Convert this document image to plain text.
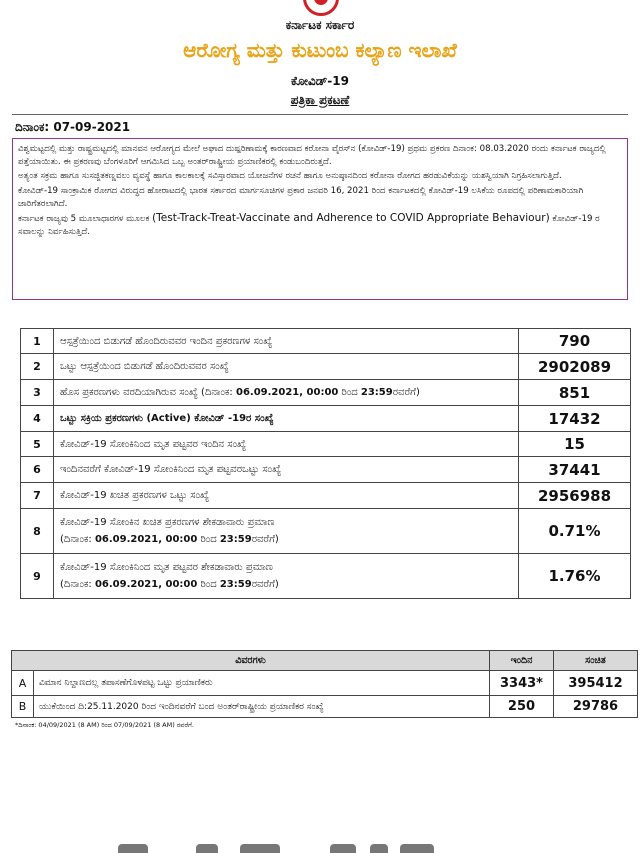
ಕರ್ನಾಟಕ ಸರ್ಕಾರ
ಆರೋಗ್ಯ ಮತ್ತು ಕುಟುಂಬ ಕಲ್ಯಾಣ ಇಲಾಖೆ
ಕೋವಿಡ್-19
ಪತ್ರಿಕಾ ಪ್ರಕಟಣೆ
ದಿನಾಂಕ: 07-09-2021

ವಿಶ್ವಮಟ್ಟದಲ್ಲಿ ಮತ್ತು ರಾಷ್ಟ್ರಮಟ್ಟದಲ್ಲಿ ಮಾನವನ ಆರೋಗ್ಯದ ಮೇಲೆ ಅಘಾದ ದುಷ್ಪರಿಣಾಮಕ್ಕೆ ಕಾರಣವಾದ ಕರೋನಾ ವೈರಸ್‌ನ (ಕೋವಿಡ್-19) ಪ್ರಥಮ ಪ್ರಕರಣ ದಿನಾಂಕ: 08.03.2020 ರಂದು ಕರ್ನಾಟಕ ರಾಜ್ಯದಲ್ಲಿ ಪತ್ತೆಯಾಯಿತು. ಈ ಪ್ರಕರಣವು ಬೆಂಗಳೂರಿಗೆ ಆಗಮಿಸಿದ ಒಬ್ಬ ಅಂತರ್‌ರಾಷ್ಟ್ರೀಯ ಪ್ರಯಾಣಿಕರಲ್ಲಿ ಕಂಡುಬಂದಿರುತ್ತದೆ.

ಅತ್ಯಂತ ಸಕ್ರಮ ಹಾಗೂ ಸುಸಜ್ಜಿತಕಣ್ಣವಲು ವ್ಯವಸ್ಥೆ ಹಾಗೂ ಕಾಲಕಾಲಕ್ಕೆ ಸವಿಸ್ತಾರವಾದ ಯೋಜನೆಗಳ ರಚನೆ ಹಾಗೂ ಅನುಷ್ಠಾನದಿಂದ ಕರೋನಾ ರೋಗದ ಹರಡುವಿಕೆಯನ್ನು ಯಶಸ್ವಿಯಾಗಿ ನಿಗ್ರಹಿಸಲಾಗುತ್ತಿದೆ.

ಕೋವಿಡ್-19 ಸಾಂಕ್ರಾಮಿಕ ರೋಗದ ವಿರುದ್ಧದ ಹೋರಾಟದಲ್ಲಿ ಭಾರತ ಸರ್ಕಾರದ ಮಾರ್ಗಸೂಚಿಗಳ ಪ್ರಕಾರ ಜನವರಿ 16, 2021 ರಿಂದ ಕರ್ನಾಟಕದಲ್ಲಿ ಕೋವಿಡ್-19 ಲಸಿಕೆಯ ರೂಪದಲ್ಲಿ ಪರಿಣಾಮಕಾರಿಯಾಗಿ ಜಾರಿಗೆತರಲಾಗಿದೆ.

ಕರ್ನಾಟಕ ರಾಜ್ಯವು 5 ಮೂಲಾಧಾರಗಳ ಮೂಲಕ (Test-Track-Treat-Vaccinate and Adherence to COVID Appropriate Behaviour) ಕೋವಿಡ್-19 ರ ಸವಾಲನ್ನು ನಿರ್ವಹಿಸುತ್ತಿದೆ.

1	ಆಸ್ಪತ್ರೆಯಿಂದ ಬಿಡುಗಡೆ ಹೊಂದಿರುವವರ ಇಂದಿನ ಪ್ರಕರಣಗಳ ಸಂಖ್ಯೆ	790
2	ಒಟ್ಟು ಆಸ್ಪತ್ರೆಯಿಂದ ಬಿಡುಗಡೆ ಹೊಂದಿರುವವರ ಸಂಖ್ಯೆ	2902089
3	ಹೊಸ ಪ್ರಕರಣಗಳು ವರದಿಯಾಗಿರುವ ಸಂಖ್ಯೆ (ದಿನಾಂಕ: 06.09.2021, 00:00 ರಿಂದ 23:59ರವರೆಗೆ)	851
4	ಒಟ್ಟು ಸಕ್ರಿಯ ಪ್ರಕರಣಗಳು (Active) ಕೋವಿಡ್ -19ರ ಸಂಖ್ಯೆ	17432
5	ಕೋವಿಡ್-19 ಸೋಂಕಿನಿಂದ ಮೃತ ಪಟ್ಟವರ ಇಂದಿನ ಸಂಖ್ಯೆ	15
6	ಇಂದಿನವರೆಗೆ ಕೋವಿಡ್-19 ಸೋಂಕಿನಿಂದ ಮೃತ ಪಟ್ಟವರಒಟ್ಟು ಸಂಖ್ಯೆ	37441
7	ಕೋವಿಡ್-19 ಖಚಿತ ಪ್ರಕರಣಗಳ ಒಟ್ಟು ಸಂಖ್ಯೆ	2956988
8	ಕೋವಿಡ್-19 ಸೋಂಕಿನ ಖಚಿತ ಪ್ರಕರಣಗಳ ಶೇಕಡಾವಾರು ಪ್ರಮಾಣ
(ದಿನಾಂಕ: 06.09.2021, 00:00 ರಿಂದ 23:59ರವರೆಗೆ)	0.71%
9	ಕೋವಿಡ್-19 ಸೋಂಕಿನಿಂದ ಮೃತ ಪಟ್ಟವರ ಶೇಕಡಾವಾರು ಪ್ರಮಾಣ
(ದಿನಾಂಕ: 06.09.2021, 00:00 ರಿಂದ 23:59ರವರೆಗೆ)	1.76%
ವಿವರಗಳು		ಇಂದಿನ	ಸಂಚಿತ
A	ವಿಮಾನ ನಿಲ್ದಾಣದಲ್ಲ ತಪಾಸಣೆಗೊಳಪಟ್ಟ ಒಟ್ಟು ಪ್ರಯಾಣಿಕರು	3343*	395412
B	ಯುಕೆಯಿಂದ ದಿ:25.11.2020 ರಿಂದ ಇಂದಿನವರೆಗೆ ಬಂದ ಅಂತರ್‌ರಾಷ್ಟ್ರೀಯ ಪ್ರಯಾಣಿಕರ ಸಂಖ್ಯೆ	250	29786
*ದಿನಾಂಕ: 04/09/2021 (8 AM) ರಿಂದ 07/09/2021 (8 AM) ರವರೆಗೆ.
